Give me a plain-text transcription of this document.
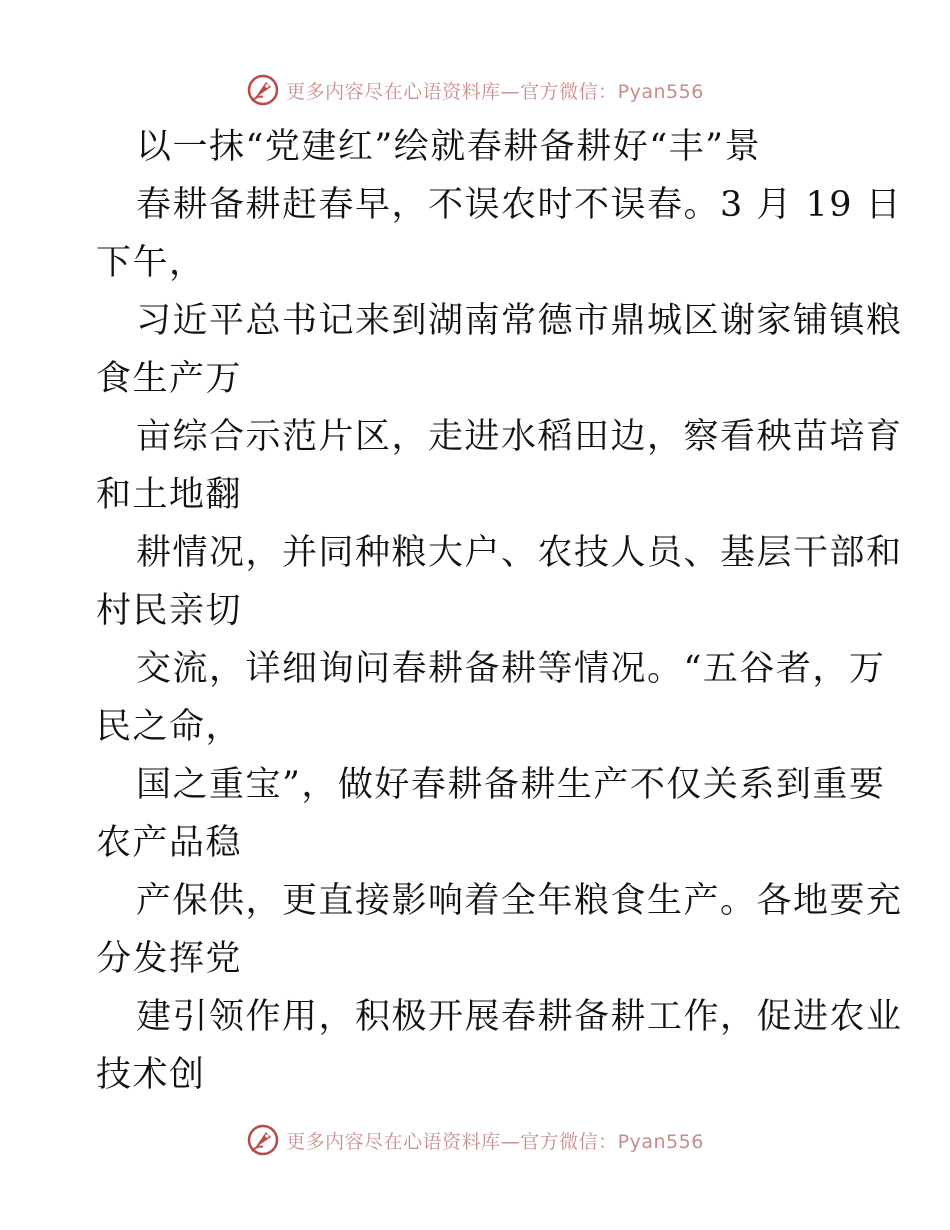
更多内容尽在心语资料库—官方微信：Pyan556
以一抹“党建红”绘就春耕备耕好“丰”景
春耕备耕赶春早，不误农时不误春。3 月 19 日
下午，
习近平总书记来到湖南常德市鼎城区谢家铺镇粮
食生产万
亩综合示范片区，走进水稻田边，察看秧苗培育
和土地翻
耕情况，并同种粮大户、农技人员、基层干部和
村民亲切
交流，详细询问春耕备耕等情况。“五谷者，万
民之命，
国之重宝”，做好春耕备耕生产不仅关系到重要
农产品稳
产保供，更直接影响着全年粮食生产。各地要充
分发挥党
建引领作用，积极开展春耕备耕工作，促进农业
技术创
更多内容尽在心语资料库—官方微信：Pyan556
